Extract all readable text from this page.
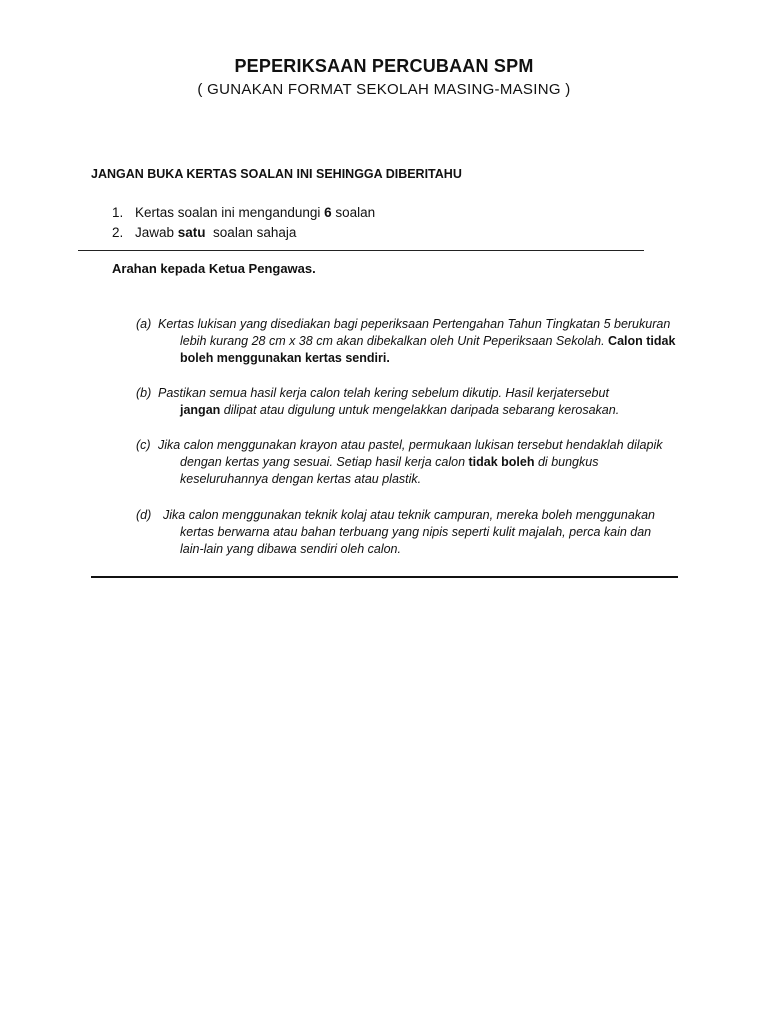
PEPERIKSAAN PERCUBAAN SPM
( GUNAKAN FORMAT SEKOLAH MASING-MASING )
JANGAN BUKA KERTAS SOALAN INI SEHINGGA DIBERITAHU
1. Kertas soalan ini mengandungi 6 soalan
2. Jawab satu  soalan sahaja
Arahan kepada Ketua Pengawas.
(a) Kertas lukisan yang disediakan bagi peperiksaan Pertengahan Tahun Tingkatan 5 berukuran
lebih kurang 28 cm x 38 cm akan dibekalkan oleh Unit Peperiksaan Sekolah. Calon tidak
boleh menggunakan kertas sendiri.
(b) Pastikan semua hasil kerja calon telah kering sebelum dikutip. Hasil kerjatersebut
jangan dilipat atau digulung untuk mengelakkan daripada sebarang kerosakan.
(c) Jika calon menggunakan krayon atau pastel, permukaan lukisan tersebut hendaklah dilapik
dengan kertas yang sesuai. Setiap hasil kerja calon tidak boleh di bungkus
keseluruhannya dengan kertas atau plastik.
(d) Jika calon menggunakan teknik kolaj atau teknik campuran, mereka boleh menggunakan
kertas berwarna atau bahan terbuang yang nipis seperti kulit majalah, perca kain dan
lain-lain yang dibawa sendiri oleh calon.
